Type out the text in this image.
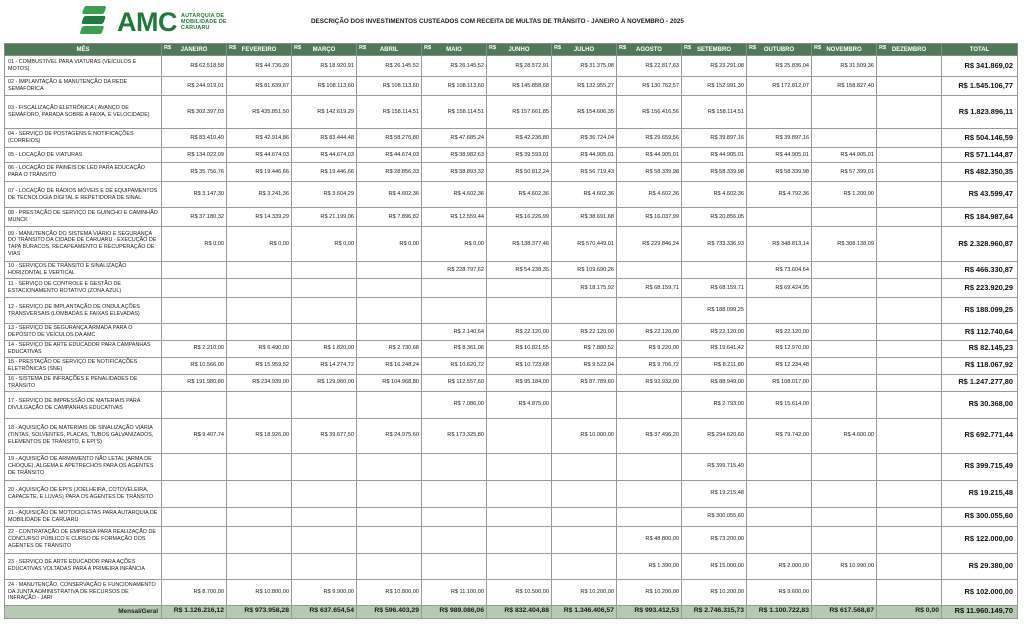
AMC AUTARQUIA DE
MOBILIDADE DE
CARUARU
DESCRIÇÃO DOS INVESTIMENTOS CUSTEADOS COM RECEITA DE MULTAS DE TRÂNSITO - JANEIRO À NOVEMBRO - 2025
MÊS	R$ JANEIRO	R$ FEVEREIRO	R$ MARÇO	R$ ABRIL	R$ MAIO	R$ JUNHO	R$ JULHO	R$ AGOSTO	R$ SETEMBRO	R$ OUTUBRO	R$ NOVEMBRO	R$ DEZEMBRO	TOTAL
01 - COMBUSTÍVEL PARA VIATURAS (VEÍCULOS E MOTOS)	R$ 62.518,58	R$ 44.736,39	R$ 18.920,91	R$ 26.145,52	R$ 26.145,52	R$ 28.572,91	R$ 31.375,08	R$ 22.817,63	R$ 23.291,08	R$ 25.836,04	R$ 31.509,36		R$ 341.869,02
02 - IMPLANTAÇÃO & MANUTENÇÃO DA REDE SEMAFÓRICA	R$ 244.919,01	R$ 81.639,67	R$ 108.113,60	R$ 108.113,60	R$ 108.113,60	R$ 145.858,68	R$ 132.955,27	R$ 130.762,57	R$ 152.991,30	R$ 172.812,07	R$ 158.827,40		R$ 1.545.106,77
03 - FISCALIZAÇÃO ELETRÔNICA ( AVANÇO DE SEMÁFORO, PARADA SOBRE A FAIXA, E VELOCIDADE)	R$ 302.397,03	R$ 435.851,50	R$ 142.619,29	R$ 158.114,51	R$ 158.114,51	R$ 157.661,85	R$ 154.606,35	R$ 156.416,56	R$ 158.114,51				R$ 1.823.896,11
04 - SERVIÇO DE POSTAGENS E NOTIFICAÇÕES (CORREIOS)	R$ 83.410,49	R$ 42.914,86	R$ 83.444,48	R$ 58.276,80	R$ 47.685,24	R$ 42.236,80	R$ 36.724,04	R$ 29.659,56	R$ 39.897,16	R$ 39.897,16			R$ 504.146,59
05 - LOCAÇÃO DE VIATURAS	R$ 134.022,09	R$ 44.674,03	R$ 44.674,03	R$ 44.674,03	R$ 38.982,63	R$ 39.593,01	R$ 44.905,01	R$ 44.905,01	R$ 44.905,01	R$ 44.905,01	R$ 44.905,01		R$ 571.144,87
06 - LOCAÇÃO DE PAINÉIS DE LED PARA EDUCAÇÃO PARA O TRÂNSITO	R$ 35.756,76	R$ 19.446,66	R$ 19.446,66	R$ 28.856,33	R$ 38.893,32	R$ 50.812,24	R$ 56.719,43	R$ 58.339,98	R$ 58.339,98	R$ 58.339,98	R$ 57.399,01		R$ 482.350,35
07 - LOCAÇÃO DE RÁDIOS MÓVEIS E DE EQUIPAMENTOS DE TECNOLOGIA DIGITAL E REPETIDORA DE SINAL	R$ 3.147,30	R$ 3.241,36	R$ 3.604,29	R$ 4.602,36	R$ 4.602,36	R$ 4.602,36	R$ 4.602,36	R$ 4.602,36	R$ 4.602,36	R$ 4.792,36	R$ 1.200,00		R$ 43.599,47
08 - PRESTAÇÃO DE SERVIÇO DE GUINCHO E CAMINHÃO MUNCK	R$ 37.180,32	R$ 14.339,29	R$ 21.199,06	R$ 7.896,82	R$ 12.559,44	R$ 16.226,99	R$ 38.691,68	R$ 16.037,99	R$ 20.856,05				R$ 184.987,64
09 - MANUTENÇÃO DO SISTEMA VIÁRIO E SEGURANÇA DO TRÂNSITO DA CIDADE DE CARUARU - EXECUÇÃO DE TAPA BURACOS, RECAPEAMENTO E RECUPERAÇÃO DE VIAS	R$ 0,00	R$ 0,00	R$ 0,00	R$ 0,00	R$ 0,00	R$ 138.377,46	R$ 570.449,01	R$ 229.846,24	R$ 733.336,93	R$ 348.813,14	R$ 308.138,09		R$ 2.328.960,87
10 - SERVIÇOS DE TRÂNSITO E SINALIZAÇÃO HORIZONTAL E VERTICAL					R$ 228.797,62	R$ 54.238,35	R$ 109.690,26			R$ 73.604,64			R$ 466.330,87
11 - SERVIÇO DE CONTROLE E GESTÃO DE ESTACIONAMENTO ROTATIVO (ZONA AZUL)							R$ 18.175,92	R$ 68.159,71	R$ 68.159,71	R$ 69.424,95			R$ 223.920,29
12 - SERVIÇO DE IMPLANTAÇÃO DE ONDULAÇÕES TRANSVERSAIS (LOMBADAS E FAIXAS ELEVADAS)									R$ 188.099,25				R$ 188.099,25
13 - SERVIÇO DE SEGURANÇA ARMADA PARA O DEPÓSITO DE VEÍCULOS DA AMC					R$ 2.140,64	R$ 22.120,00	R$ 22.120,00	R$ 22.120,00	R$ 22.120,00	R$ 22.120,00			R$ 112.740,64
14 - SERVIÇO DE ARTE EDUCADOR PARA CAMPANHAS EDUCATIVAS	R$ 2.210,00	R$ 6.490,00	R$ 1.820,00	R$ 2.730,68	R$ 8.361,06	R$ 10.821,55	R$ 7.880,52	R$ 9.220,00	R$ 19.641,42	R$ 12.970,00			R$ 82.145,23
15 - PRESTAÇÃO DE SERVIÇO DE NOTIFICAÇÕES ELETRÔNICAS (SNE)	R$ 10.566,00	R$ 15.959,52	R$ 14.274,72	R$ 16.248,24	R$ 10.620,72	R$ 10.723,68	R$ 9.522,04	R$ 9.706,72	R$ 8.211,80	R$ 12.234,48			R$ 118.067,92
16 - SISTEMA DE INFRAÇÕES E PENALIDADES DE TRÂNSITO	R$ 191.980,80	R$ 234.939,00	R$ 129.960,00	R$ 104.968,80	R$ 112.557,60	R$ 95.184,00	R$ 87.789,60	R$ 92.932,00	R$ 88.949,00	R$ 108.017,00			R$ 1.247.277,80
17 - SERVIÇO DE IMPRESSÃO DE MATERIAIS PARA DIVULGAÇÃO DE CAMPANHAS EDUCATIVAS					R$ 7.086,00	R$ 4.875,00			R$ 2.793,00	R$ 15.614,00			R$ 30.368,00
18 - AQUISIÇÃO DE MATERIAIS DE SINALIZAÇÃO VIÁRIA (TINTAS, SOLVENTES, PLACAS, TUBOS GALVANIZADOS, ELEMENTOS DE TRÂNSITO, E EPI'S)	R$ 9.407,74	R$ 18.926,00	R$ 39.677,50	R$ 24.975,60	R$ 173.325,80		R$ 10.000,00	R$ 37.496,20	R$ 294.620,60	R$ 79.742,00	R$ 4.600,00		R$ 692.771,44
19 - AQUISIÇÃO DE ARMAMENTO NÃO LETAL (ARMA DE CHOQUE), ALGEMA E APETRECHOS PARA OS AGENTES DE TRÂNSITO									R$ 399.715,49				R$ 399.715,49
20 - AQUISIÇÃO DE EPI'S (JOELHEIRA, COTOVELEIRA, CAPACETE, E LUVAS) PARA OS AGENTES DE TRÂNSITO									R$ 19.215,48				R$ 19.215,48
21 - AQUISIÇÃO DE MOTOCICLETAS PARA AUTARQUIA DE MOBILIDADE DE CARUARU									R$ 300.055,60				R$ 300.055,60
22 - CONTRATAÇÃO DE EMPRESA PARA REALIZAÇÃO DE CONCURSO PÚBLICO E CURSO DE FORMAÇÃO DOS AGENTES DE TRÂNSITO								R$ 48.800,00	R$ 73.200,00				R$ 122.000,00
23 - SERVIÇO DE ARTE EDUCADOR PARA AÇÕES EDUCATIVAS VOLTADAS PARA A PRIMEIRA INFÂNCIA								R$ 1.390,00	R$ 15.000,00	R$ 2.000,00	R$ 10.990,00		R$ 29.380,00
24 - MANUTENÇÃO, CONSERVAÇÃO E FUNCIONAMENTO DA JUNTA ADMINISTRATIVA DE RECURSOS DE INFRAÇÃO - JARI	R$ 8.700,00	R$ 10.800,00	R$ 9.900,00	R$ 10.800,00	R$ 11.100,00	R$ 10.500,00	R$ 10.200,00	R$ 10.200,00	R$ 10.200,00	R$ 9.600,00			R$ 102.000,00
Mensal/Geral	R$ 1.126.216,12	R$ 973.958,28	R$ 637.654,54	R$ 596.403,29	R$ 989.086,06	R$ 832.404,88	R$ 1.346.406,57	R$ 993.412,53	R$ 2.746.315,73	R$ 1.100.722,83	R$ 617.568,87	R$ 0,00	R$ 11.960.149,70
